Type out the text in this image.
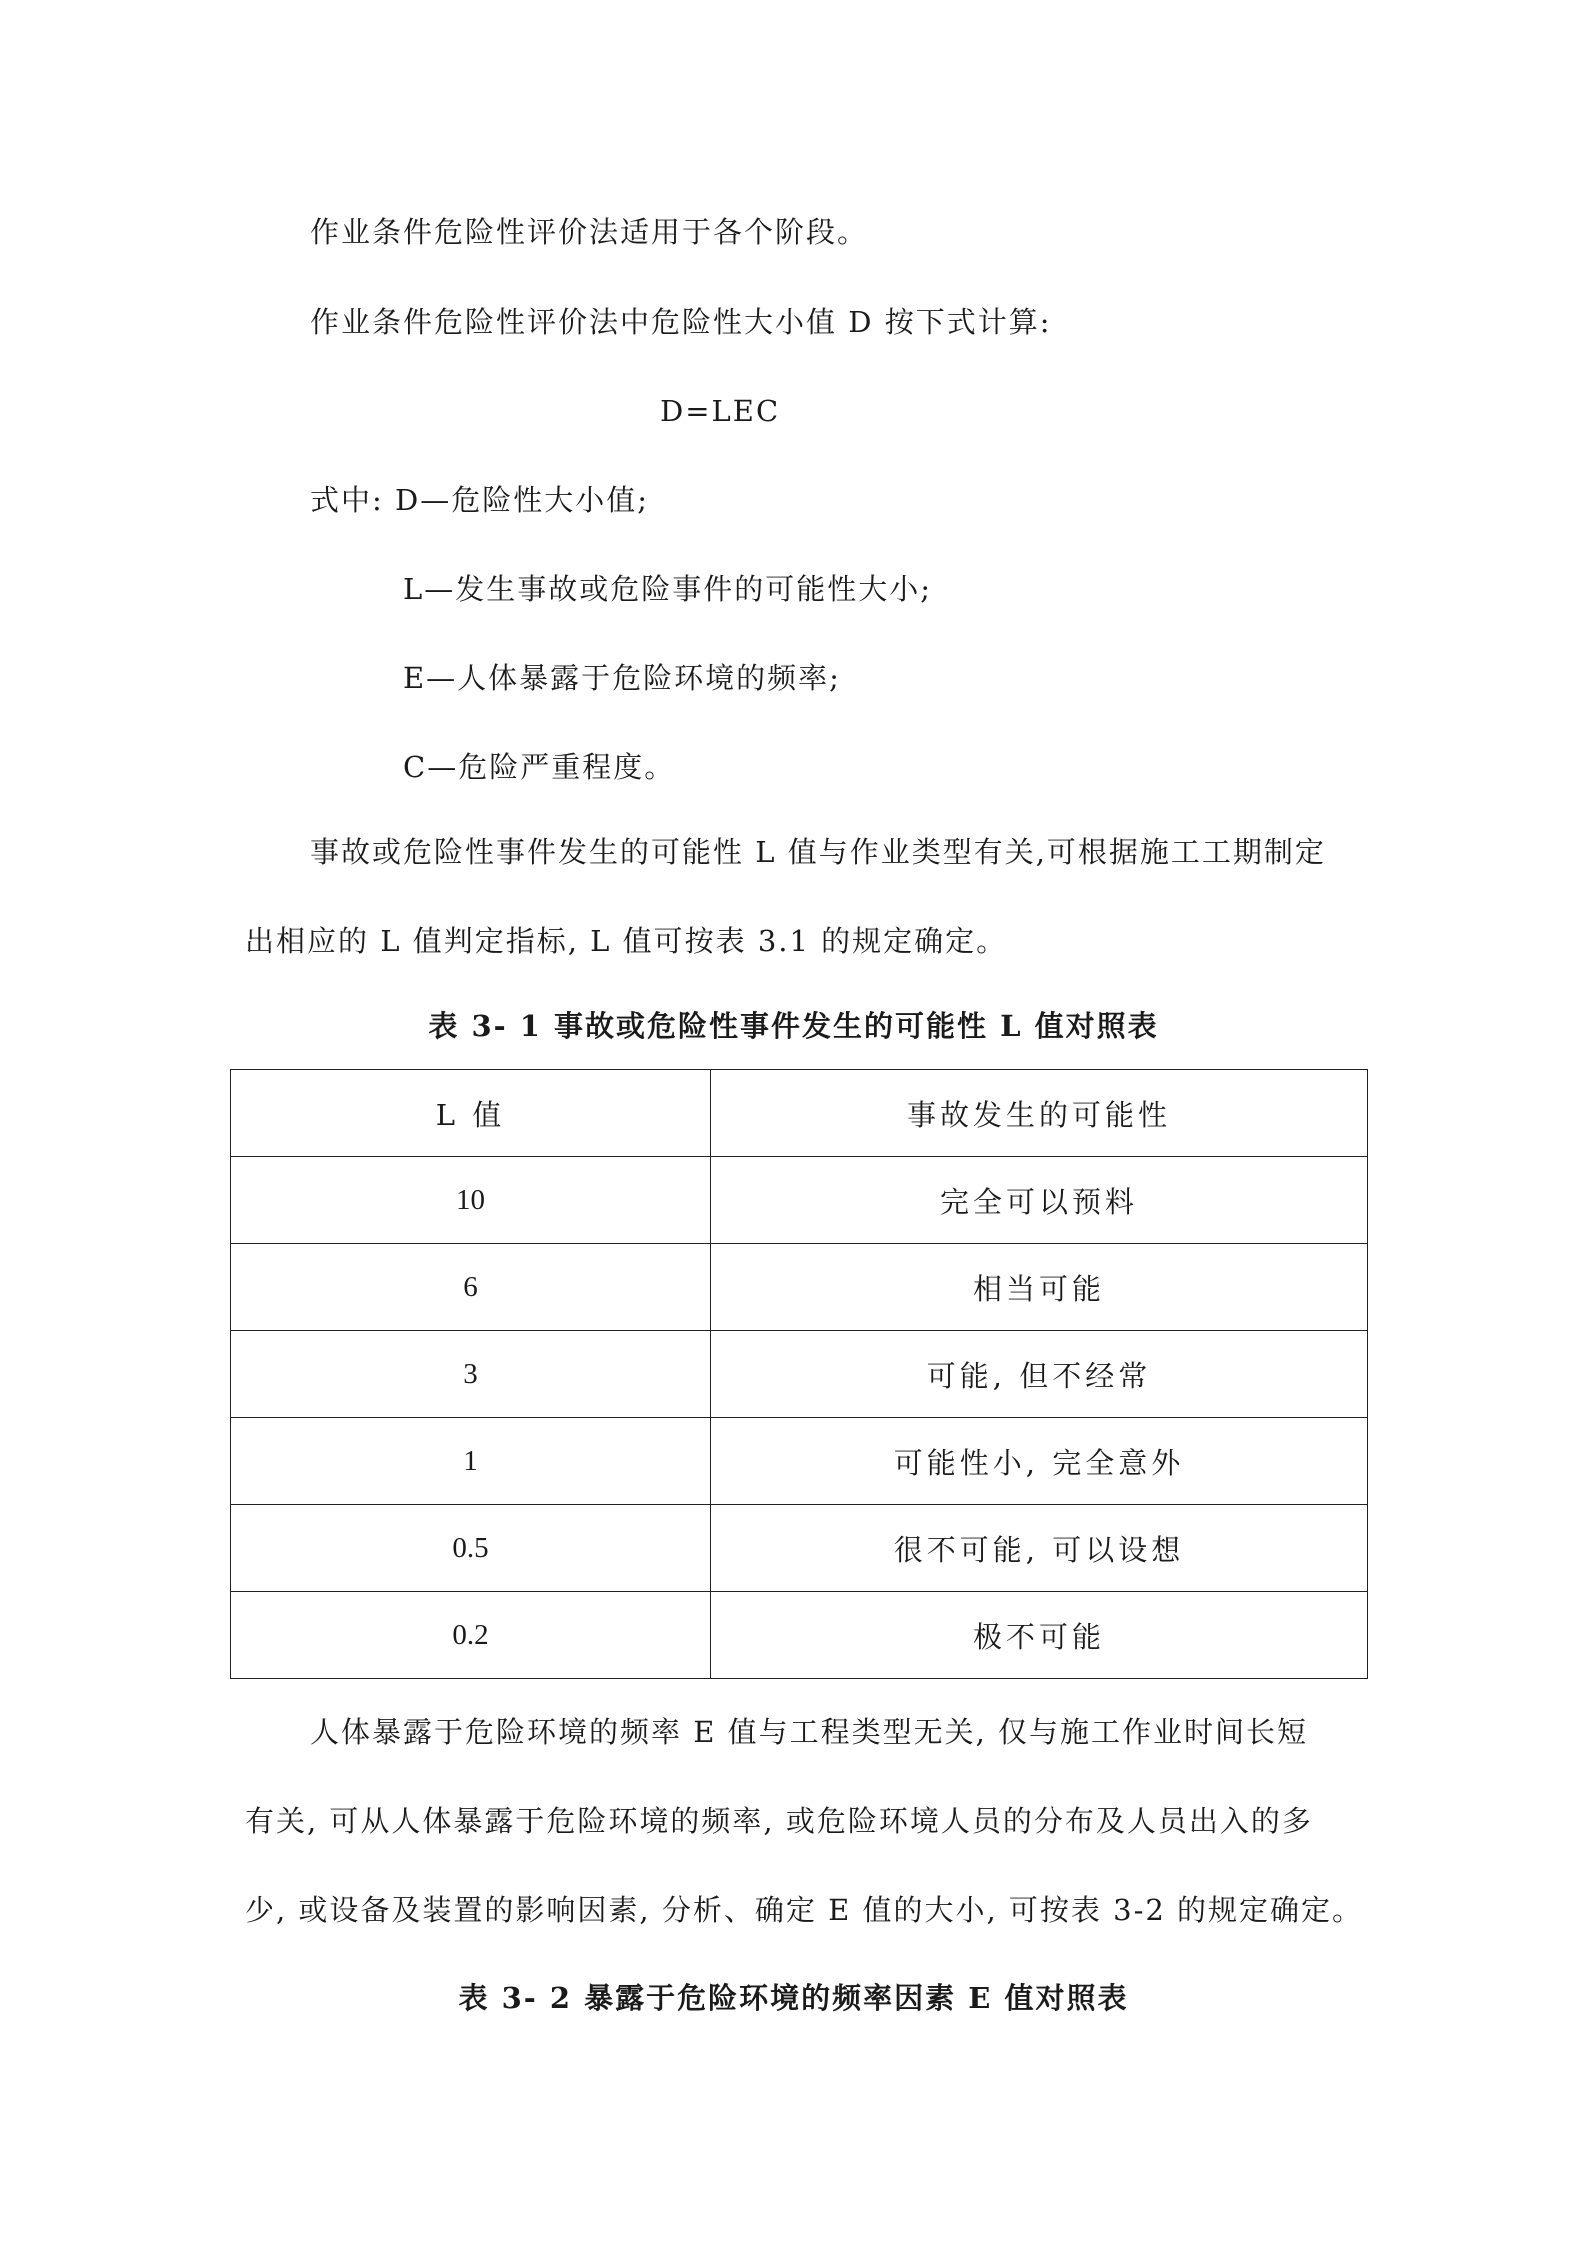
作业条件危险性评价法适用于各个阶段。
作业条件危险性评价法中危险性大小值 D 按下式计算:
D=LEC
式中: D—危险性大小值;
L—发生事故或危险事件的可能性大小;
E—人体暴露于危险环境的频率;
C—危险严重程度。
事故或危险性事件发生的可能性 L 值与作业类型有关,可根据施工工期制定
出相应的 L 值判定指标, L 值可按表 3.1 的规定确定。
表 3- 1 事故或危险性事件发生的可能性 L 值对照表
L 值	事故发生的可能性
10	完全可以预料
6	相当可能
3	可能, 但不经常
1	可能性小, 完全意外
0.5	很不可能, 可以设想
0.2	极不可能
人体暴露于危险环境的频率 E 值与工程类型无关, 仅与施工作业时间长短
有关, 可从人体暴露于危险环境的频率, 或危险环境人员的分布及人员出入的多
少, 或设备及装置的影响因素, 分析、确定 E 值的大小, 可按表 3-2 的规定确定。
表 3- 2 暴露于危险环境的频率因素 E 值对照表
